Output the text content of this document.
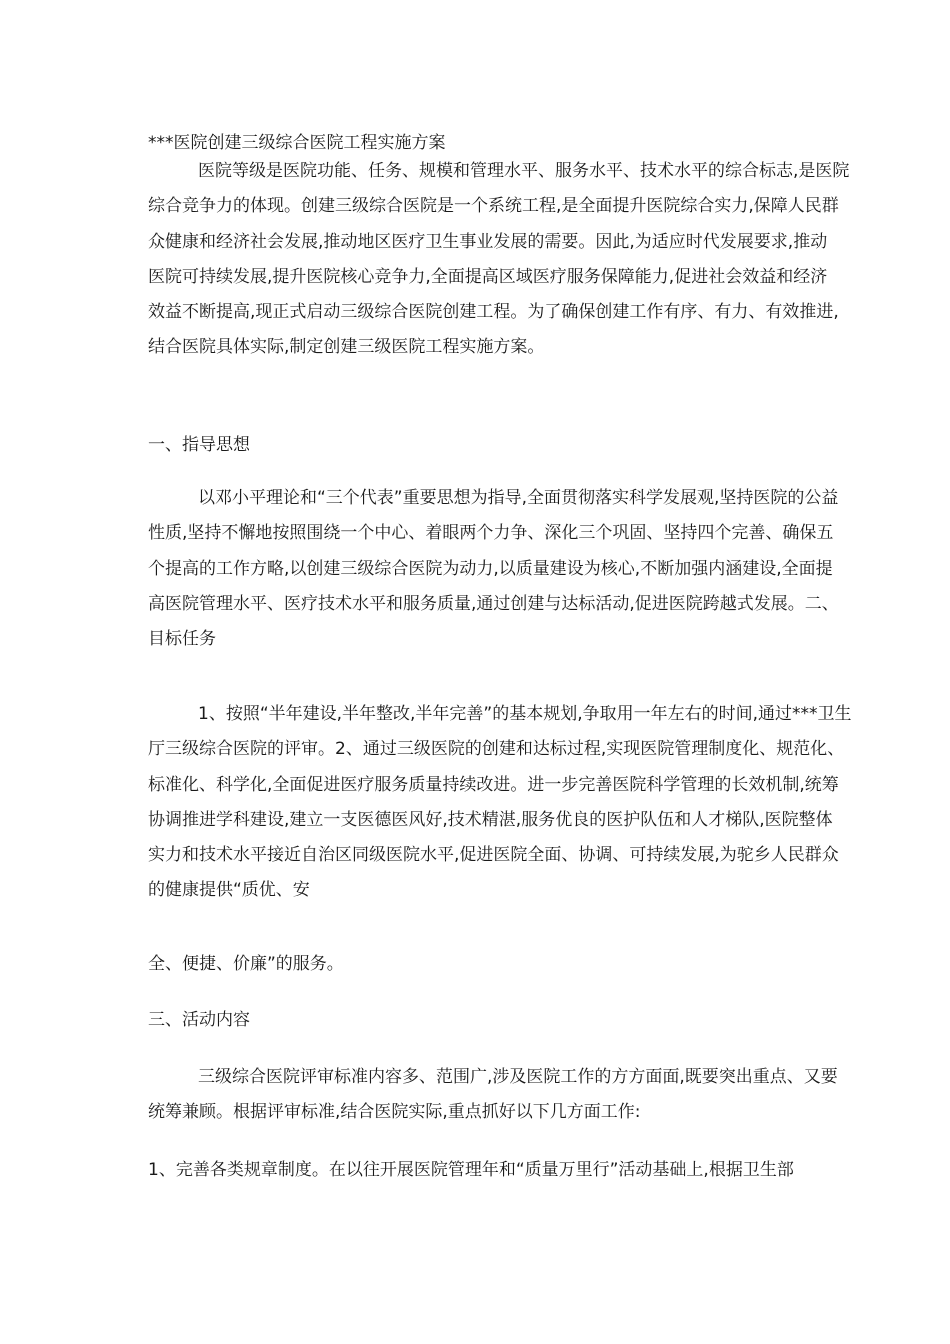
***医院创建三级综合医院工程实施方案

医院等级是医院功能、任务、规模和管理水平、服务水平、技术水平的综合标志,是医院
综合竞争力的体现。创建三级综合医院是一个系统工程,是全面提升医院综合实力,保障人民群
众健康和经济社会发展,推动地区医疗卫生事业发展的需要。因此,为适应时代发展要求,推动
医院可持续发展,提升医院核心竞争力,全面提高区域医疗服务保障能力,促进社会效益和经济
效益不断提高,现正式启动三级综合医院创建工程。为了确保创建工作有序、有力、有效推进,
结合医院具体实际,制定创建三级医院工程实施方案。

一、指导思想

以邓小平理论和“三个代表”重要思想为指导,全面贯彻落实科学发展观,坚持医院的公益
性质,坚持不懈地按照围绕一个中心、着眼两个力争、深化三个巩固、坚持四个完善、确保五
个提高的工作方略,以创建三级综合医院为动力,以质量建设为核心,不断加强内涵建设,全面提
高医院管理水平、医疗技术水平和服务质量,通过创建与达标活动,促进医院跨越式发展。二、
目标任务
1、按照“半年建设,半年整改,半年完善”的基本规划,争取用一年左右的时间,通过***卫生
厅三级综合医院的评审。2、通过三级医院的创建和达标过程,实现医院管理制度化、规范化、
标准化、科学化,全面促进医疗服务质量持续改进。进一步完善医院科学管理的长效机制,统筹
协调推进学科建设,建立一支医德医风好,技术精湛,服务优良的医护队伍和人才梯队,医院整体
实力和技术水平接近自治区同级医院水平,促进医院全面、协调、可持续发展,为驼乡人民群众
的健康提供“质优、安

全、便捷、价廉”的服务。

三、活动内容

三级综合医院评审标准内容多、范围广,涉及医院工作的方方面面,既要突出重点、又要
统筹兼顾。根据评审标准,结合医院实际,重点抓好以下几方面工作:

1、完善各类规章制度。在以往开展医院管理年和“质量万里行”活动基础上,根据卫生部
